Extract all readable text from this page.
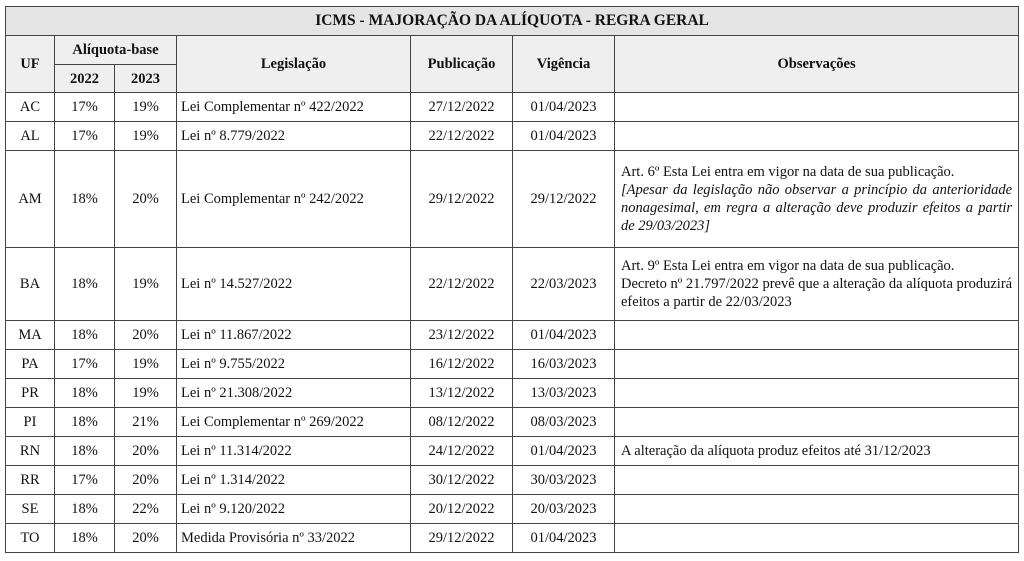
ICMS - MAJORAÇÃO DA ALÍQUOTA - REGRA GERAL						
UF	Alíquota-base		Legislação	Publicação	Vigência	Observações
	2022	2023				
AC	17%	19%	Lei Complementar nº 422/2022	27/12/2022	01/04/2023	
AL	17%	19%	Lei nº 8.779/2022	22/12/2022	01/04/2023	
AM	18%	20%	Lei Complementar nº 242/2022	29/12/2022	29/12/2022	Art. 6º Esta Lei entra em vigor na data de sua publicação.
[Apesar da legislação não observar a princípio da anterioridade nonagesimal, em regra a alteração deve produzir efeitos a partir de 29/03/2023]

BA	18%	19%	Lei nº 14.527/2022	22/12/2022	22/03/2023	Art. 9º Esta Lei entra em vigor na data de sua publicação.
Decreto nº 21.797/2022 prevê que a alteração da alíquota produzirá efeitos a partir de 22/03/2023

MA	18%	20%	Lei nº 11.867/2022	23/12/2022	01/04/2023	
PA	17%	19%	Lei nº 9.755/2022	16/12/2022	16/03/2023	
PR	18%	19%	Lei nº 21.308/2022	13/12/2022	13/03/2023	
PI	18%	21%	Lei Complementar nº 269/2022	08/12/2022	08/03/2023	
RN	18%	20%	Lei nº 11.314/2022	24/12/2022	01/04/2023	A alteração da alíquota produz efeitos até 31/12/2023

RR	17%	20%	Lei nº 1.314/2022	30/12/2022	30/03/2023	
SE	18%	22%	Lei nº 9.120/2022	20/12/2022	20/03/2023	
TO	18%	20%	Medida Provisória nº 33/2022	29/12/2022	01/04/2023	
